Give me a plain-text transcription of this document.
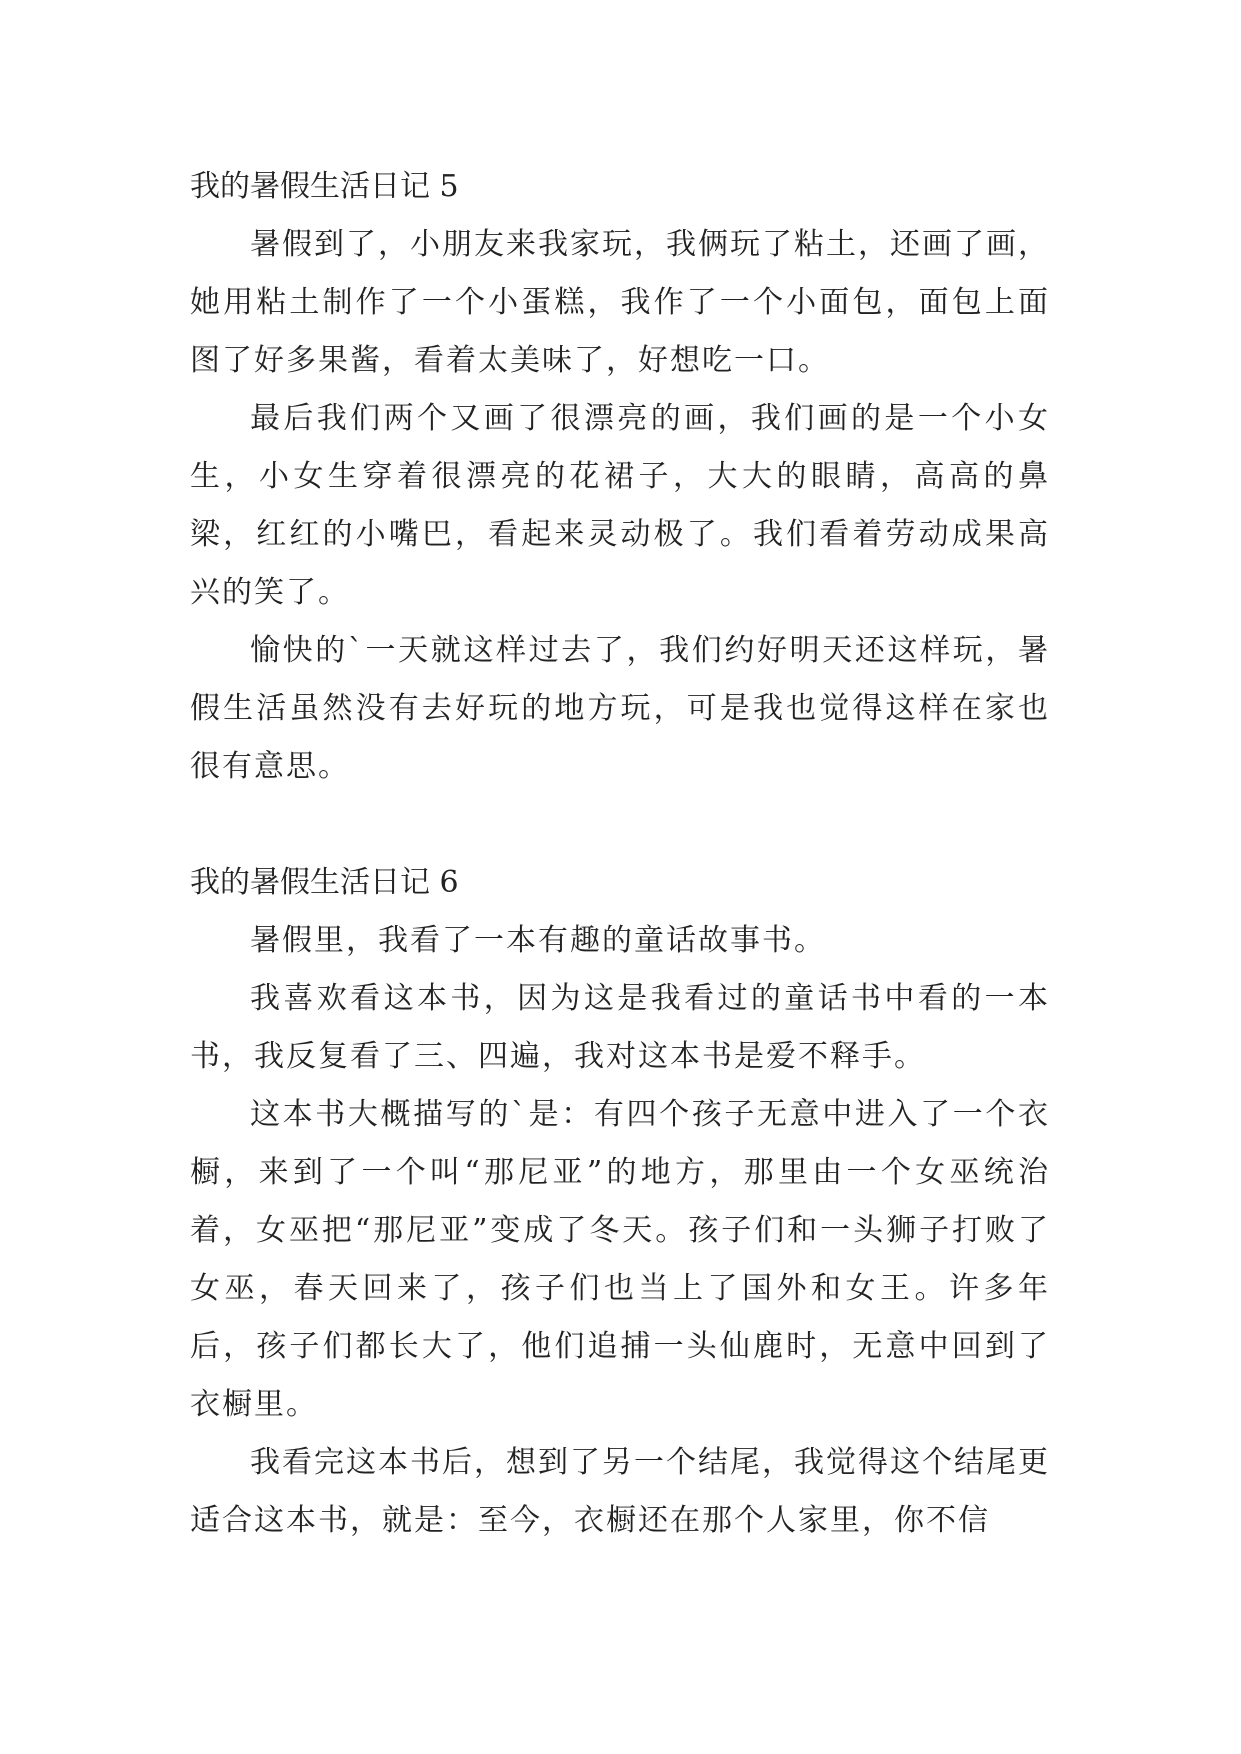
我的暑假生活日记 5

暑假到了，小朋友来我家玩，我俩玩了粘土，还画了画，她用粘土制作了一个小蛋糕，我作了一个小面包，面包上面图了好多果酱，看着太美味了，好想吃一口。

最后我们两个又画了很漂亮的画，我们画的是一个小女生，小女生穿着很漂亮的花裙子，大大的眼睛，高高的鼻梁，红红的小嘴巴，看起来灵动极了。我们看着劳动成果高兴的笑了。

愉快的`一天就这样过去了，我们约好明天还这样玩，暑假生活虽然没有去好玩的地方玩，可是我也觉得这样在家也很有意思。

我的暑假生活日记 6

暑假里，我看了一本有趣的童话故事书。

我喜欢看这本书，因为这是我看过的童话书中看的一本书，我反复看了三、四遍，我对这本书是爱不释手。

这本书大概描写的`是：有四个孩子无意中进入了一个衣橱，来到了一个叫“那尼亚”的地方，那里由一个女巫统治着，女巫把“那尼亚”变成了冬天。孩子们和一头狮子打败了女巫，春天回来了，孩子们也当上了国外和女王。许多年后，孩子们都长大了，他们追捕一头仙鹿时，无意中回到了衣橱里。

我看完这本书后，想到了另一个结尾，我觉得这个结尾更适合这本书，就是：至今，衣橱还在那个人家里，你不信
